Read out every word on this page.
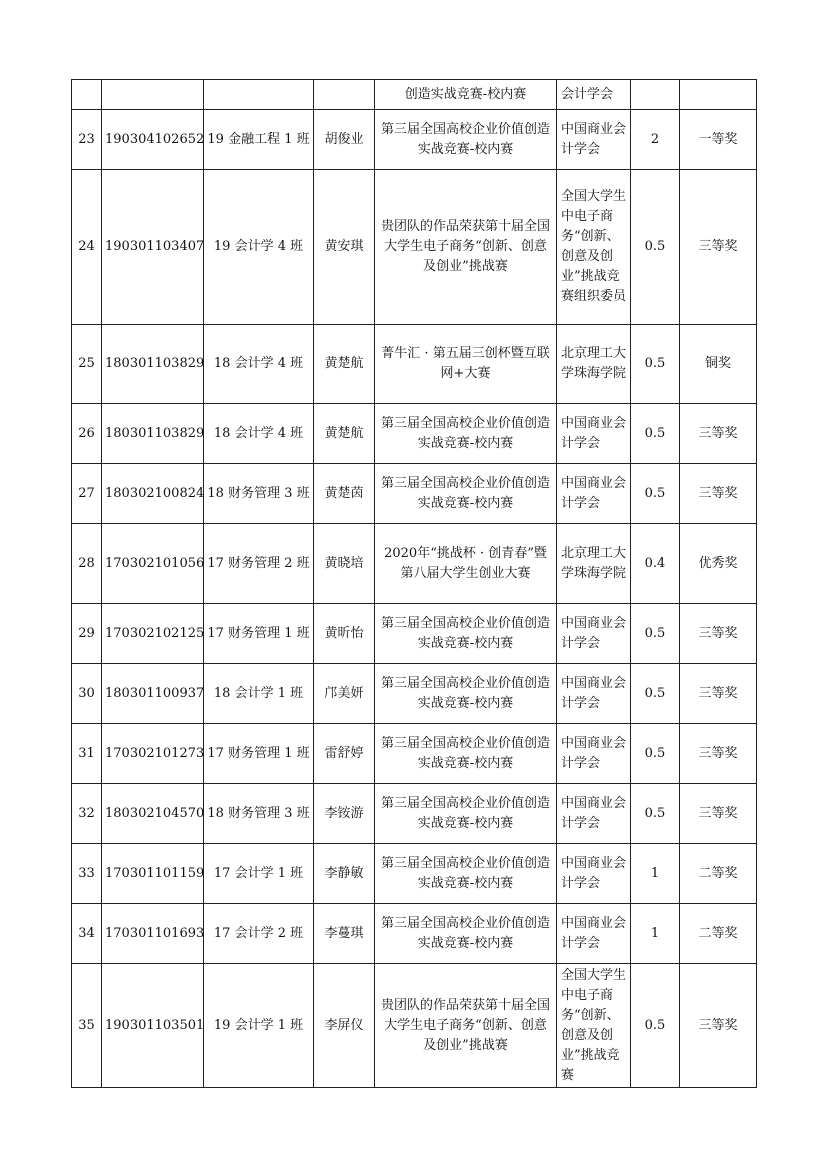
				创造实战竞赛-校内赛	会计学会		
23	190304102652	19 金融工程 1 班	胡俊业	第三届全国高校企业价值创造实战竞赛-校内赛	中国商业会计学会	2	一等奖
24	190301103407	19 会计学 4 班	黄安琪	贵团队的作品荣获第十届全国大学生电子商务“创新、创意及创业”挑战赛	全国大学生中电子商务“创新、创意及创业”挑战竞赛组织委员	0.5	三等奖
25	180301103829	18 会计学 4 班	黄楚航	菁牛汇 · 第五届三创杯暨互联网+大赛	北京理工大学珠海学院	0.5	铜奖
26	180301103829	18 会计学 4 班	黄楚航	第三届全国高校企业价值创造实战竞赛-校内赛	中国商业会计学会	0.5	三等奖
27	180302100824	18 财务管理 3 班	黄楚茵	第三届全国高校企业价值创造实战竞赛-校内赛	中国商业会计学会	0.5	三等奖
28	170302101056	17 财务管理 2 班	黄晓培	2020年“挑战杯 · 创青春”暨第八届大学生创业大赛	北京理工大学珠海学院	0.4	优秀奖
29	170302102125	17 财务管理 1 班	黄昕怡	第三届全国高校企业价值创造实战竞赛-校内赛	中国商业会计学会	0.5	三等奖
30	180301100937	18 会计学 1 班	邝美妍	第三届全国高校企业价值创造实战竞赛-校内赛	中国商业会计学会	0.5	三等奖
31	170302101273	17 财务管理 1 班	雷舒婷	第三届全国高校企业价值创造实战竞赛-校内赛	中国商业会计学会	0.5	三等奖
32	180302104570	18 财务管理 3 班	李铵游	第三届全国高校企业价值创造实战竞赛-校内赛	中国商业会计学会	0.5	三等奖
33	170301101159	17 会计学 1 班	李静敏	第三届全国高校企业价值创造实战竞赛-校内赛	中国商业会计学会	1	二等奖
34	170301101693	17 会计学 2 班	李蔓琪	第三届全国高校企业价值创造实战竞赛-校内赛	中国商业会计学会	1	二等奖
35	190301103501	19 会计学 1 班	李屏仪	贵团队的作品荣获第十届全国大学生电子商务“创新、创意及创业”挑战赛	全国大学生中电子商务“创新、创意及创业”挑战竞赛	0.5	三等奖
